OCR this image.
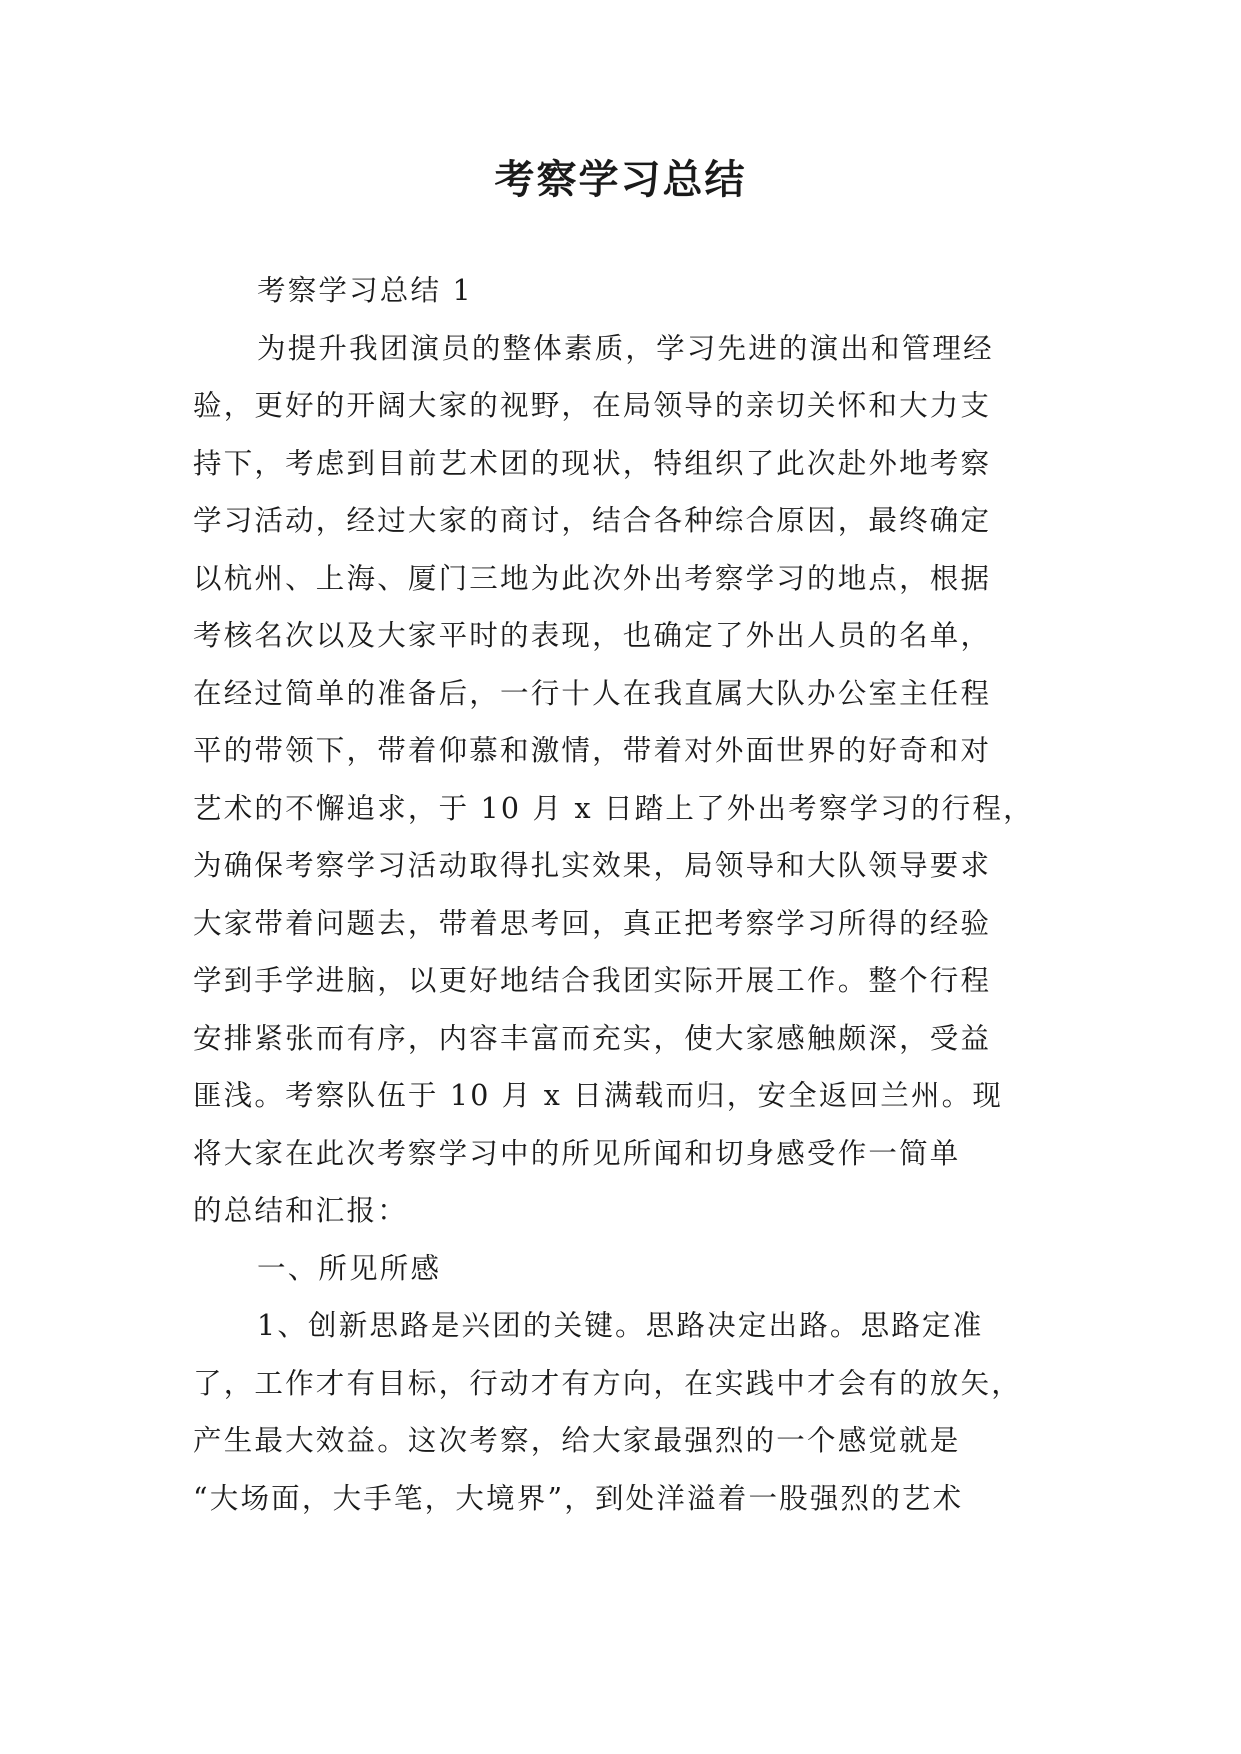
考察学习总结
考察学习总结 1
为提升我团演员的整体素质，学习先进的演出和管理经
验，更好的开阔大家的视野，在局领导的亲切关怀和大力支
持下，考虑到目前艺术团的现状，特组织了此次赴外地考察
学习活动，经过大家的商讨，结合各种综合原因，最终确定
以杭州、上海、厦门三地为此次外出考察学习的地点，根据
考核名次以及大家平时的表现，也确定了外出人员的名单，
在经过简单的准备后，一行十人在我直属大队办公室主任程
平的带领下，带着仰慕和激情，带着对外面世界的好奇和对
艺术的不懈追求，于 10 月 x 日踏上了外出考察学习的行程，
为确保考察学习活动取得扎实效果，局领导和大队领导要求
大家带着问题去，带着思考回，真正把考察学习所得的经验
学到手学进脑，以更好地结合我团实际开展工作。整个行程
安排紧张而有序，内容丰富而充实，使大家感触颇深，受益
匪浅。考察队伍于 10 月 x 日满载而归，安全返回兰州。现
将大家在此次考察学习中的所见所闻和切身感受作一简单
的总结和汇报：
一、所见所感
1、创新思路是兴团的关键。思路决定出路。思路定准
了，工作才有目标，行动才有方向，在实践中才会有的放矢，
产生最大效益。这次考察，给大家最强烈的一个感觉就是
“大场面，大手笔，大境界”，到处洋溢着一股强烈的艺术
